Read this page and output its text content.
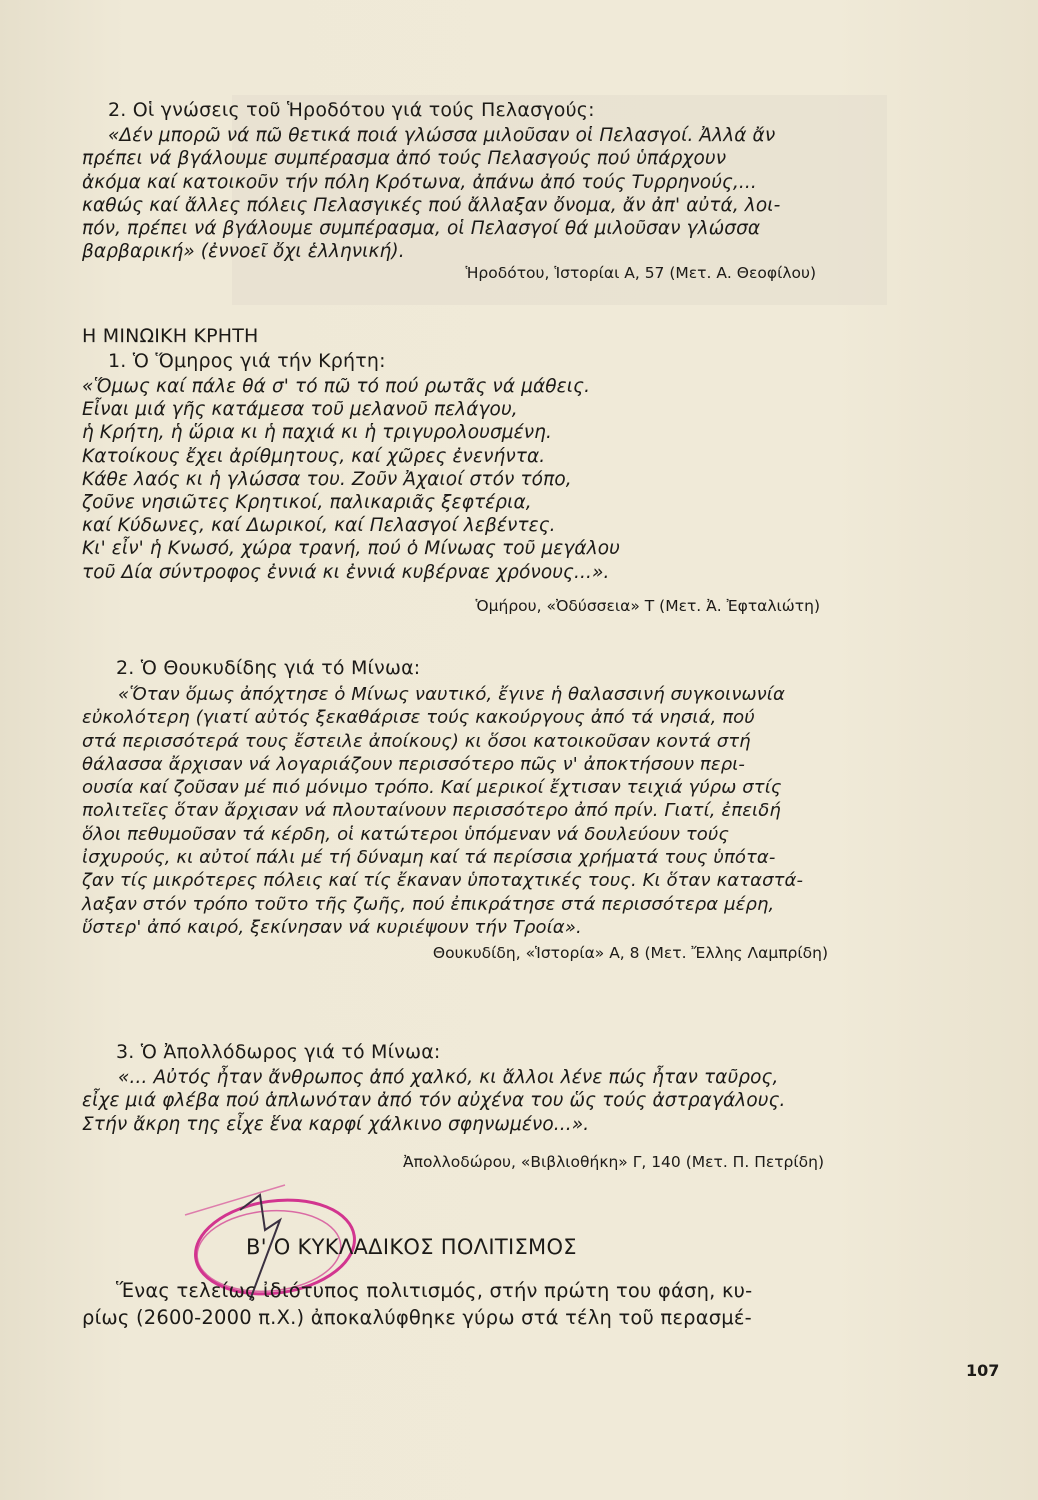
2. Οἱ γνώσεις τοῦ Ἡροδότου γιά τούς Πελασγούς:
«Δέν μπορῶ νά πῶ θετικά ποιά γλώσσα μιλοῦσαν οἱ Πελασγοί. Ἀλλά ἄν
πρέπει νά βγάλουμε συμπέρασμα ἀπό τούς Πελασγούς πού ὑπάρχουν
ἀκόμα καί κατοικοῦν τήν πόλη Κρότωνα, ἀπάνω ἀπό τούς Τυρρηνούς,...
καθώς καί ἄλλες πόλεις Πελασγικές πού ἄλλαξαν ὄνομα, ἄν ἀπ' αὐτά, λοι-
πόν, πρέπει νά βγάλουμε συμπέρασμα, οἱ Πελασγοί θά μιλοῦσαν γλώσσα
βαρβαρική» (ἐννοεῖ ὄχι ἑλληνική).
Ἡροδότου, Ἱστορίαι Α, 57 (Μετ. Α. Θεοφίλου)
Η ΜΙΝΩΙΚΗ ΚΡΗΤΗ
1. Ὁ Ὅμηρος γιά τήν Κρήτη:
«Ὅμως καί πάλε θά σ' τό πῶ τό πού ρωτᾶς νά μάθεις.
Εἶναι μιά γῆς κατάμεσα τοῦ μελανοῦ πελάγου,
ἡ Κρήτη, ἡ ὥρια κι ἡ παχιά κι ἡ τριγυρολουσμένη.
Κατοίκους ἔχει ἀρίθμητους, καί χῶρες ἐνενήντα.
Κάθε λαός κι ἡ γλώσσα του. Ζοῦν Ἀχαιοί στόν τόπο,
ζοῦνε νησιῶτες Κρητικοί, παλικαριᾶς ξεφτέρια,
καί Κύδωνες, καί Δωρικοί, καί Πελασγοί λεβέντες.
Κι' εἶν' ἡ Κνωσό, χώρα τρανή, πού ὁ Μίνωας τοῦ μεγάλου
τοῦ Δία σύντροφος ἐννιά κι ἐννιά κυβέρναε χρόνους...».
Ὁμήρου, «Ὀδύσσεια» Τ (Μετ. Ἀ. Ἐφταλιώτη)
2. Ὁ Θουκυδίδης γιά τό Μίνωα:
«Ὅταν ὅμως ἀπόχτησε ὁ Μίνως ναυτικό, ἔγινε ἡ θαλασσινή συγκοινωνία
εὐκολότερη (γιατί αὐτός ξεκαθάρισε τούς κακούργους ἀπό τά νησιά, πού
στά περισσότερά τους ἔστειλε ἀποίκους) κι ὅσοι κατοικοῦσαν κοντά στή
θάλασσα ἄρχισαν νά λογαριάζουν περισσότερο πῶς ν' ἀποκτήσουν περι-
ουσία καί ζοῦσαν μέ πιό μόνιμο τρόπο. Καί μερικοί ἔχτισαν τειχιά γύρω στίς
πολιτεῖες ὅταν ἄρχισαν νά πλουταίνουν περισσότερο ἀπό πρίν. Γιατί, ἐπειδή
ὅλοι πεθυμοῦσαν τά κέρδη, οἱ κατώτεροι ὑπόμεναν νά δουλεύουν τούς
ἰσχυρούς, κι αὐτοί πάλι μέ τή δύναμη καί τά περίσσια χρήματά τους ὑπότα-
ζαν τίς μικρότερες πόλεις καί τίς ἔκαναν ὑποταχτικές τους. Κι ὅταν καταστά-
λαξαν στόν τρόπο τοῦτο τῆς ζωῆς, πού ἐπικράτησε στά περισσότερα μέρη,
ὕστερ' ἀπό καιρό, ξεκίνησαν νά κυριέψουν τήν Τροία».
Θουκυδίδη, «Ἱστορία» Α, 8 (Μετ. Ἔλλης Λαμπρίδη)
3. Ὁ Ἀπολλόδωρος γιά τό Μίνωα:
«... Αὐτός ἦταν ἄνθρωπος ἀπό χαλκό, κι ἄλλοι λένε πώς ἦταν ταῦρος,
εἶχε μιά φλέβα πού ἁπλωνόταν ἀπό τόν αὐχένα του ὥς τούς ἀστραγάλους.
Στήν ἄκρη της εἶχε ἕνα καρφί χάλκινο σφηνωμένο...».
Ἀπολλοδώρου, «Βιβλιοθήκη» Γ, 140 (Μετ. Π. Πετρίδη)
Β' Ο ΚΥΚΛΑΔΙΚΟΣ ΠΟΛΙΤΙΣΜΟΣ
Ἕνας τελείως ἰδιότυπος πολιτισμός, στήν πρώτη του φάση, κυ-
ρίως (2600-2000 π.Χ.) ἀποκαλύφθηκε γύρω στά τέλη τοῦ περασμέ-
107
